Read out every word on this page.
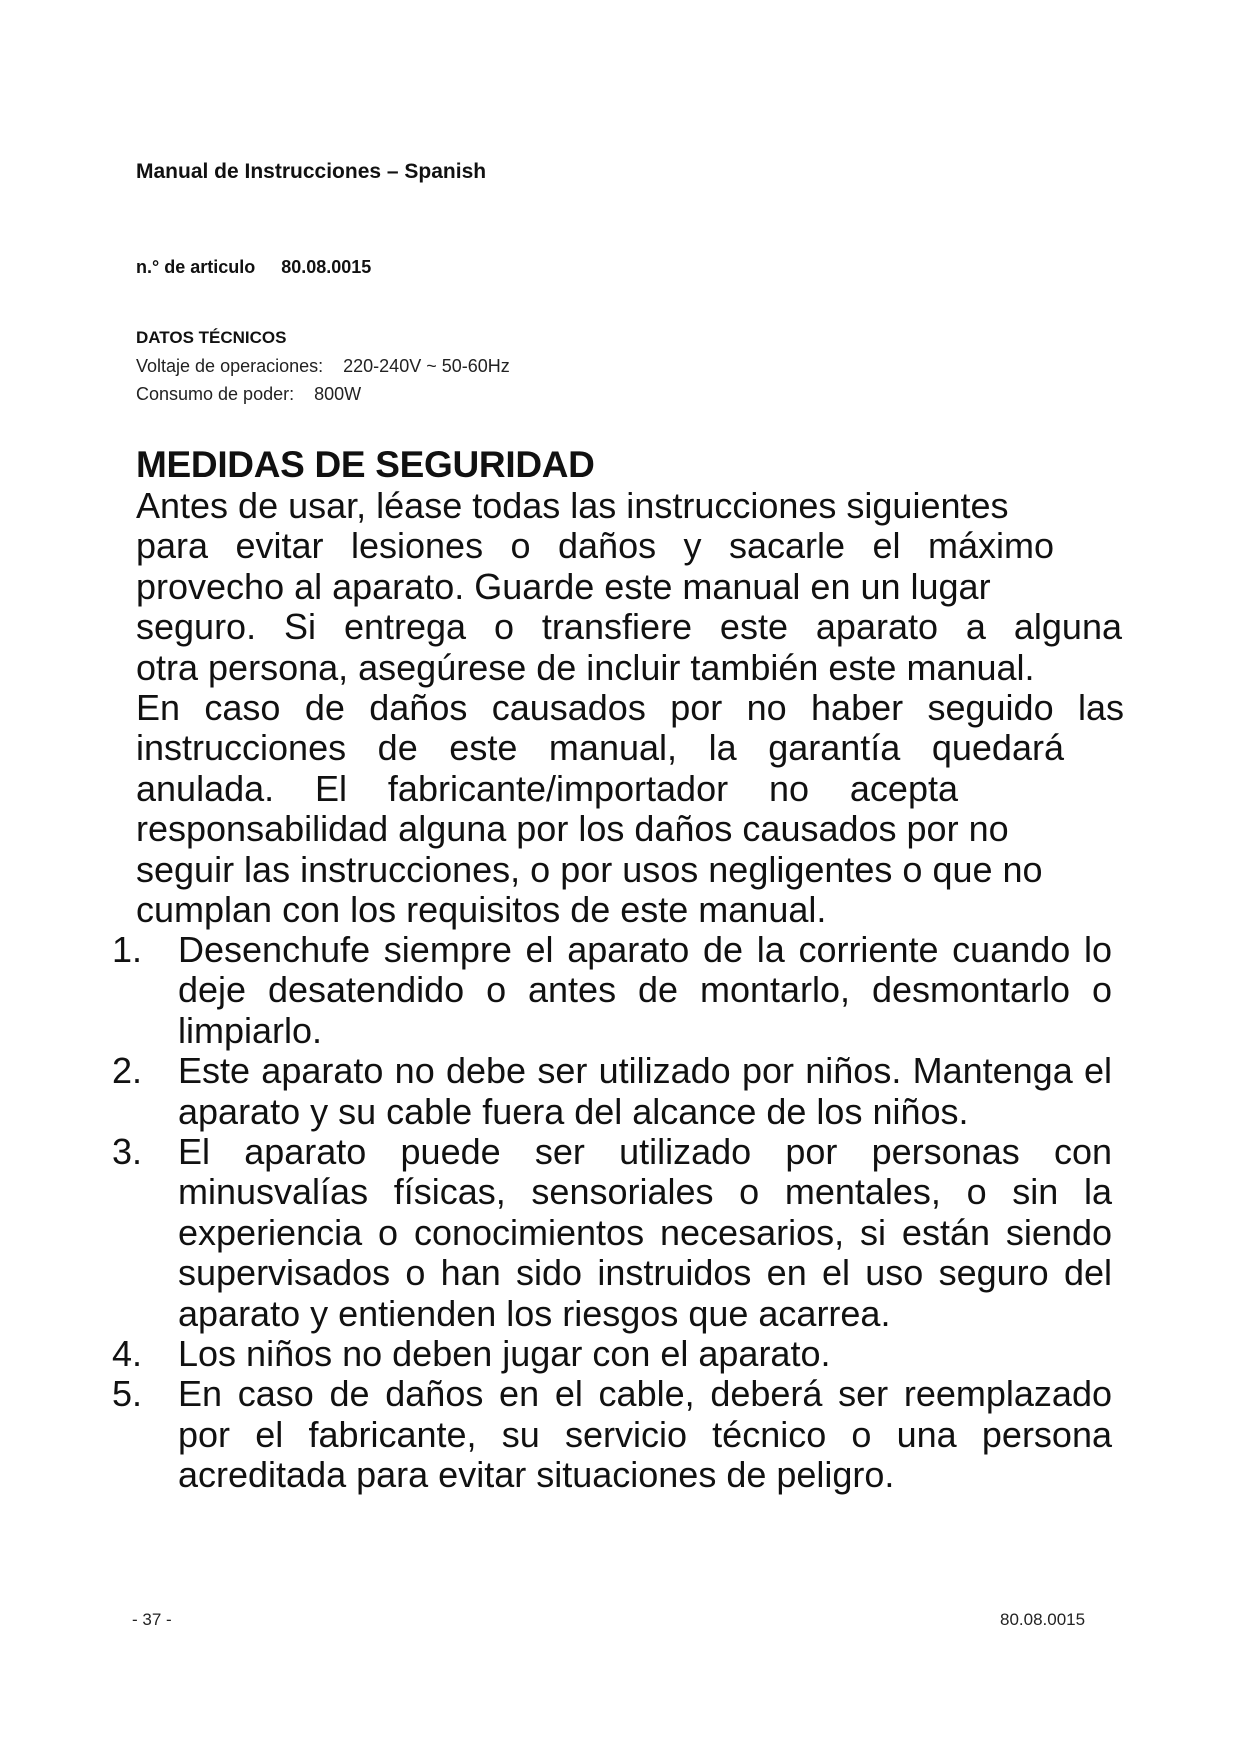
Manual de Instrucciones – Spanish
n.° de articulo 80.08.0015
DATOS TÉCNICOS
Voltaje de operaciones: 220-240V ~ 50-60Hz
Consumo de poder: 800W
MEDIDAS DE SEGURIDAD
Antes de usar, léase todas las instrucciones siguientes
para evitar lesiones o daños y sacarle el máximo
provecho al aparato. Guarde este manual en un lugar
seguro. Si entrega o transfiere este aparato a alguna
otra persona, asegúrese de incluir también este manual.
En caso de daños causados por no haber seguido las
instrucciones de este manual, la garantía quedará
anulada. El fabricante/importador no acepta
responsabilidad alguna por los daños causados por no
seguir las instrucciones, o por usos negligentes o que no
cumplan con los requisitos de este manual.
1. Desenchufe siempre el aparato de la corriente cuando lo deje desatendido o antes de montarlo, desmontarlo o limpiarlo.
2. Este aparato no debe ser utilizado por niños. Mantenga el aparato y su cable fuera del alcance de los niños.
3. El aparato puede ser utilizado por personas con minusvalías físicas, sensoriales o mentales, o sin la experiencia o conocimientos necesarios, si están siendo supervisados o han sido instruidos en el uso seguro del aparato y entienden los riesgos que acarrea.
4. Los niños no deben jugar con el aparato.
5. En caso de daños en el cable, deberá ser reemplazado por el fabricante, su servicio técnico o una persona acreditada para evitar situaciones de peligro.
- 37 -	80.08.0015
